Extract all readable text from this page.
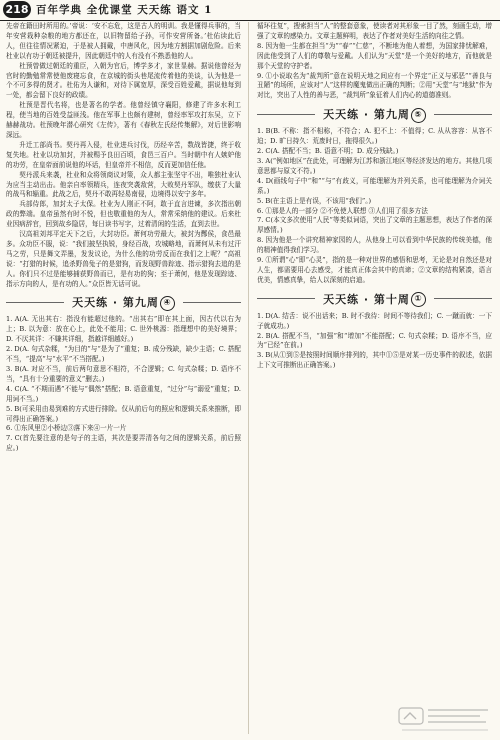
218 百年学典 全优课堂 天天练 语文 1

先帝在籍田时所用的。’帝说：‘安不忘危，这是古人的明训。我是懂得兵事的，当年安营栽种杂粮的地方都还在，以旧物留给子孙，可作安营所备。’杜佑读此后人，但往往情况紧迫，于是被人拥戴，中唐风化，因为地方割据加剧危险。后来杜业以有功于朝廷被提升，因此朝廷中的人有没有不熟悉他的人。

杜预曾做过朝廷的重臣，入朝为官后，博学多才，家世显赫。据说他曾经为官时的勤勉常常使他废寝忘食，在京城的街头巷尾流传着他的美谈，认为他是一个不可多得的贤才。杜佑为人谦和，对待下属宽厚，深受百姓爱戴，据说他每到一处，都会留下良好的政绩。

杜预是晋代名将，也是著名的学者。他曾经镇守襄阳，修建了许多水利工程，使当地的百姓受益匪浅。他在军事上也颇有建树，曾经率军攻打东吴，立下赫赫战功。杜预晚年潜心研究《左传》，著有《春秋左氏经传集解》，对后世影响深远。

升迁工部尚书。契丹再入侵，杜业进兵讨伐，历经辛苦，数战皆捷，终于收复失地。杜业以功加封，并被赐予良田百顷，食邑三百户。当时朝中有人嫉妒他的功劳，在皇帝面前说他的坏话，但皇帝并不相信，反而更加信任他。

契丹派兵来袭，杜业和众将领商议对策，众人都主张坚守不出，唯独杜业认为应当主动出击。他亲自率领精兵，连夜突袭敌营，大败契丹军队，缴获了大量的战马和辎重。此战之后，契丹不敢再轻易南侵，边境得以安宁多年。

兵部侍郎，加封太子太保。杜业为人刚正不阿，敢于直言进谏，多次指出朝政的弊端。皇帝虽然有时不悦，但也敬重他的为人，常常采纳他的建议。后来杜业因病辞官，回到故乡隐居，每日读书写字，过着清闲的生活，直到去世。

汉高祖刘邦平定天下之后，大封功臣。萧何功劳最大，被封为酂侯，食邑最多。众功臣不服，说：“我们披坚执锐，身经百战，攻城略地，而萧何从未有过汗马之劳，只是舞文弄墨，发发议论，为什么他的功劳反而在我们之上呢？”高祖说：“打猎的时候，追杀野兽兔子的是猎狗，而发现野兽踪迹、指示猎狗去追的是人。你们只不过是能够捕获野兽而已，是有功的狗；至于萧何，他是发现踪迹、指示方向的人，是有功的人。”众臣皆无话可说。

天天练 · 第九周 ④

1. A(A. 无出其右：指没有能超过他的。“出其右”即在其上面，因古代以右为上；B. 以为意：放在心上，此处不能用；C. 世外桃源：指理想中的美好境界；D. 不厌其详：不嫌其详细，指越详细越好。)

2. D(A. 句式杂糅，“为目的”与“是为了”重复；B. 成分残缺，缺少主语；C. 搭配不当，“提高”与“水平”不当搭配。)

3. B(A. 对应不当，前后两句意思不相符，不合逻辑；C. 句式杂糅；D. 语序不当，“具有十分重要的意义”删去。)

4. C(A. “不期而遇”不能与“偶然”搭配；B. 语意重复，“过分”与“溺爱”重复；D. 用词不当。)

5. B(可采用由易到难的方式进行排除。仅从前后句的照应和逻辑关系来推断，即可得出正确答案。)

6. ①东风里②小桥边③落下来④一片一片

7. C(首先要注意的是句子的主语，其次是要弄清各句之间的逻辑关系，前后照应。)

循环往复”，搜索担当“人”的整套意象，使读者对其形象一目了然，刻画生动，增强了文章的感染力。文章主题鲜明，表达了作者对美好生活的向往之情。

8. 因为他一生都在担当“为”“春”“仁慈”，不断地为他人着想，为国家排忧解难，因此他受到了人们的尊敬与爱戴。人们认为“天堂”是一个美好的地方，而他就是那个天堂的守护者。

9. ①小说取名为“裁判所”意在说明天地之间应有一个界定“正义与邪恶”“善良与丑陋”的场所，应该对“人”这样的魔鬼做出正确的判断；②用“天堂”与“地狱”作为对比，突出了人性的善与恶，“裁判所”象征着人们内心的道德准则。

天天练 · 第九周 ⑤

1. B(B. 不称：指不相称，不符合；A. 犯不上：不值得；C. 从从容容：从容不迫；D. 旷日持久：荒废时日，拖得很久。)

2. C(A. 搭配不当；B. 语意不明；D. 成分残缺。)

3. A(“例如地区”在此处，可理解为江苏和浙江地区等经济发达的地方。其他几项意思都与原文不符。)

4. D(画线句子中“和”“与”有歧义，可能理解为并列关系，也可能理解为介词关系。)

5. B(在主语上是有误，不该用“我们”。)

6. ①那是人的一部分 ②不免使人联想 ③人们用了很多方法

7. C(本文多次使用“人民”等类似词语，突出了文章的主题思想，表达了作者的深厚感情。)

8. 因为他是一个讲究精神家园的人，从他身上可以看到中华民族的传统美德，他的精神值得我们学习。

9. ①所谓“心”即“心灵”，指的是一种对世界的感悟和思考，无论是对自然还是对人生，都需要用心去感受，才能真正体会其中的真谛；②文章的结构紧凑，语言优美，情感真挚，给人以深刻的启迪。

天天练 · 第十周 ①

1. D(A. 结舌：说不出话来；B. 时不我待：时间不等待我们；C. 一蹴而就：一下子就成功。)

2. B(A. 搭配不当，“加强”和“增加”不能搭配；C. 句式杂糅；D. 语序不当，应为“已经”在前。)

3. B(从①到⑤是按照时间顺序排列的，其中①⑤是对某一历史事件的叙述，依据上下文可推断出正确答案。)
